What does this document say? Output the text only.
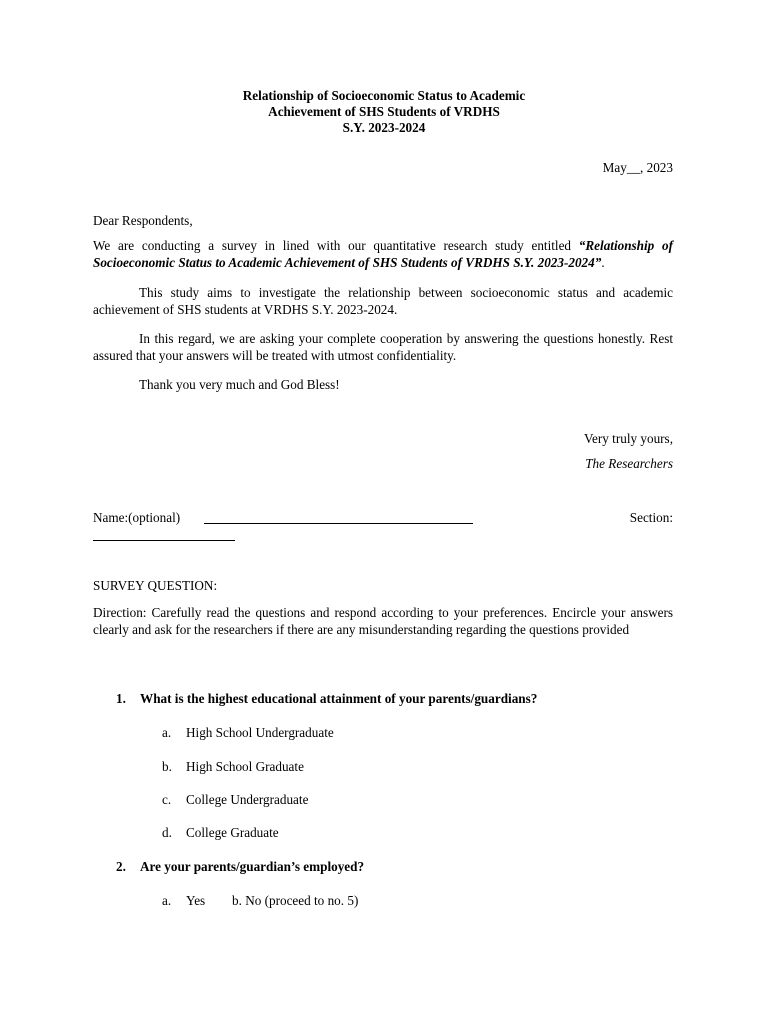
Relationship of Socioeconomic Status to Academic
Achievement of SHS Students of VRDHS
S.Y. 2023-2024
May__, 2023
Dear Respondents,
We are conducting a survey in lined with our quantitative research study entitled “Relationship of Socioeconomic Status to Academic Achievement of SHS Students of VRDHS S.Y. 2023-2024”.
This study aims to investigate the relationship between socioeconomic status and academic achievement of SHS students at VRDHS S.Y. 2023-2024.
In this regard, we are asking your complete cooperation by answering the questions honestly. Rest assured that your answers will be treated with utmost confidentiality.
Thank you very much and God Bless!
Very truly yours,
The Researchers
Name:(optional)	Section:
SURVEY QUESTION:
Direction: Carefully read the questions and respond according to your preferences. Encircle your answers clearly and ask for the researchers if there are any misunderstanding regarding the questions provided
1. What is the highest educational attainment of your parents/guardians?
a. High School Undergraduate
b. High School Graduate
c. College Undergraduate
d. College Graduate
2. Are your parents/guardian’s employed?
a. Yes b. No (proceed to no. 5)
